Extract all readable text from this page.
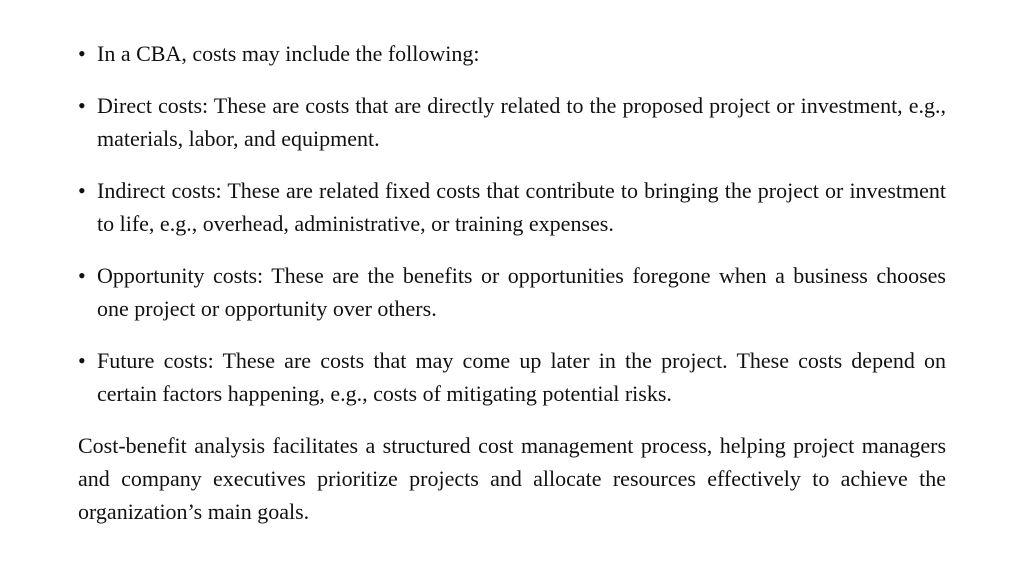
• In a CBA, costs may include the following:
• Direct costs: These are costs that are directly related to the proposed project or investment, e.g., materials, labor, and equipment.
• Indirect costs: These are related fixed costs that contribute to bringing the project or investment to life, e.g., overhead, administrative, or training expenses.
• Opportunity costs: These are the benefits or opportunities foregone when a business chooses one project or opportunity over others.
• Future costs: These are costs that may come up later in the project. These costs depend on certain factors happening, e.g., costs of mitigating potential risks.

Cost-benefit analysis facilitates a structured cost management process, helping project managers and company executives prioritize projects and allocate resources effectively to achieve the organization’s main goals.
